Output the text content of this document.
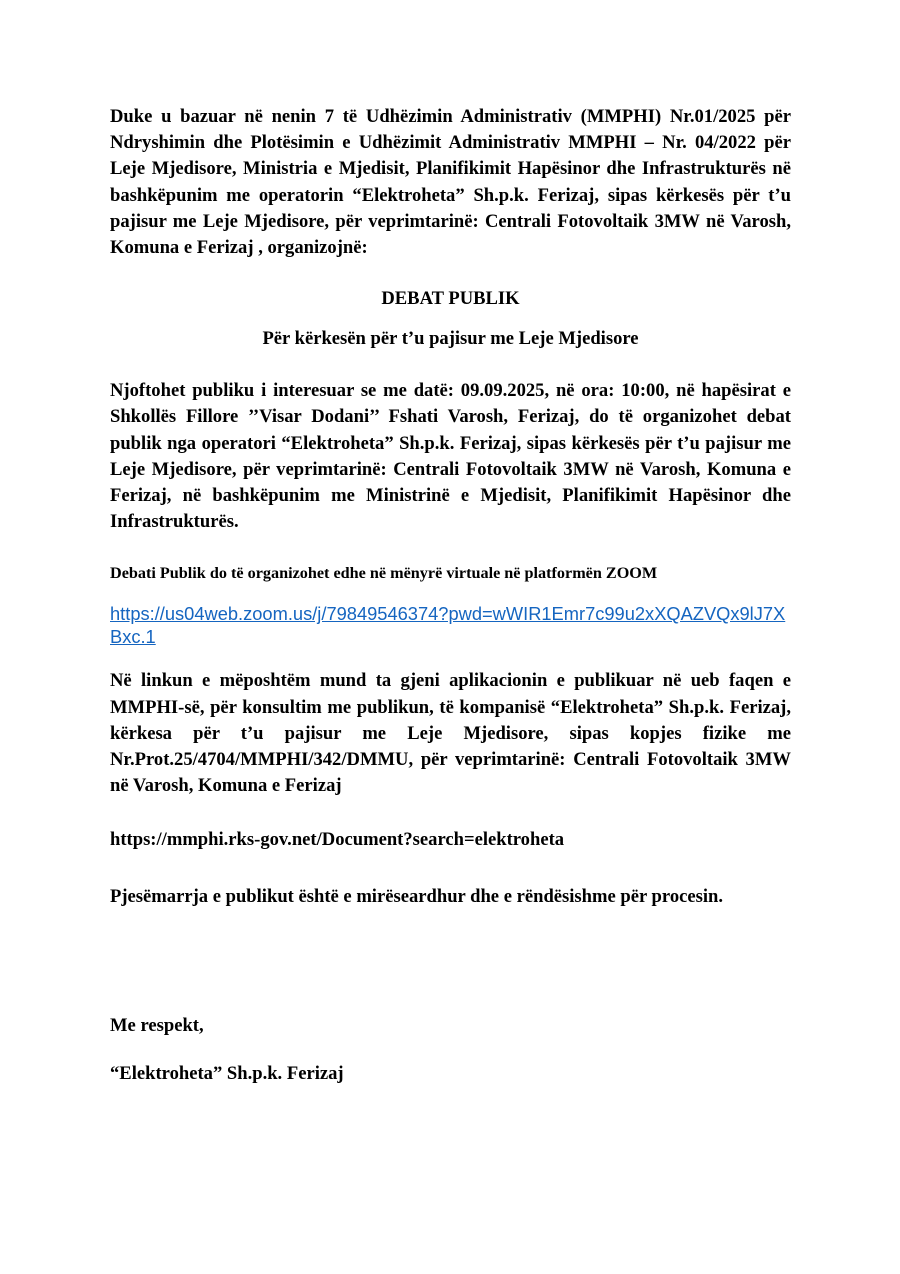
Duke u bazuar në nenin 7 të Udhëzimin Administrativ (MMPHI) Nr.01/2025 për Ndryshimin dhe Plotësimin e Udhëzimit Administrativ MMPHI – Nr. 04/2022 për Leje Mjedisore, Ministria e Mjedisit, Planifikimit Hapësinor dhe Infrastrukturës në bashkëpunim me operatorin “Elektroheta” Sh.p.k. Ferizaj, sipas kërkesës për t’u pajisur me Leje Mjedisore, për veprimtarinë: Centrali Fotovoltaik 3MW në Varosh, Komuna e Ferizaj , organizojnë:

DEBAT PUBLIK

Për kërkesën për t’u pajisur me Leje Mjedisore

Njoftohet publiku i interesuar se me datë: 09.09.2025, në ora: 10:00, në hapësirat e Shkollës Fillore ’’Visar Dodani’’ Fshati Varosh, Ferizaj, do të organizohet debat publik nga operatori “Elektroheta” Sh.p.k. Ferizaj, sipas kërkesës për t’u pajisur me Leje Mjedisore, për veprimtarinë: Centrali Fotovoltaik 3MW në Varosh, Komuna e Ferizaj, në bashkëpunim me Ministrinë e Mjedisit, Planifikimit Hapësinor dhe Infrastrukturës.

Debati Publik do të organizohet edhe në mënyrë virtuale në platformën ZOOM

https://us04web.zoom.us/j/79849546374?pwd=wWIR1Emr7c99u2xXQAZVQx9lJ7XBxc.1

Në linkun e mëposhtëm mund ta gjeni aplikacionin e publikuar në ueb faqen e MMPHI-së, për konsultim me publikun, të kompanisë “Elektroheta” Sh.p.k. Ferizaj, kërkesa për t’u pajisur me Leje Mjedisore, sipas kopjes fizike me Nr.Prot.25/4704/MMPHI/342/DMMU, për veprimtarinë: Centrali Fotovoltaik 3MW në Varosh, Komuna e Ferizaj

https://mmphi.rks-gov.net/Document?search=elektroheta

Pjesëmarrja e publikut është e mirëseardhur dhe e rëndësishme për procesin.

Me respekt,

“Elektroheta” Sh.p.k. Ferizaj
